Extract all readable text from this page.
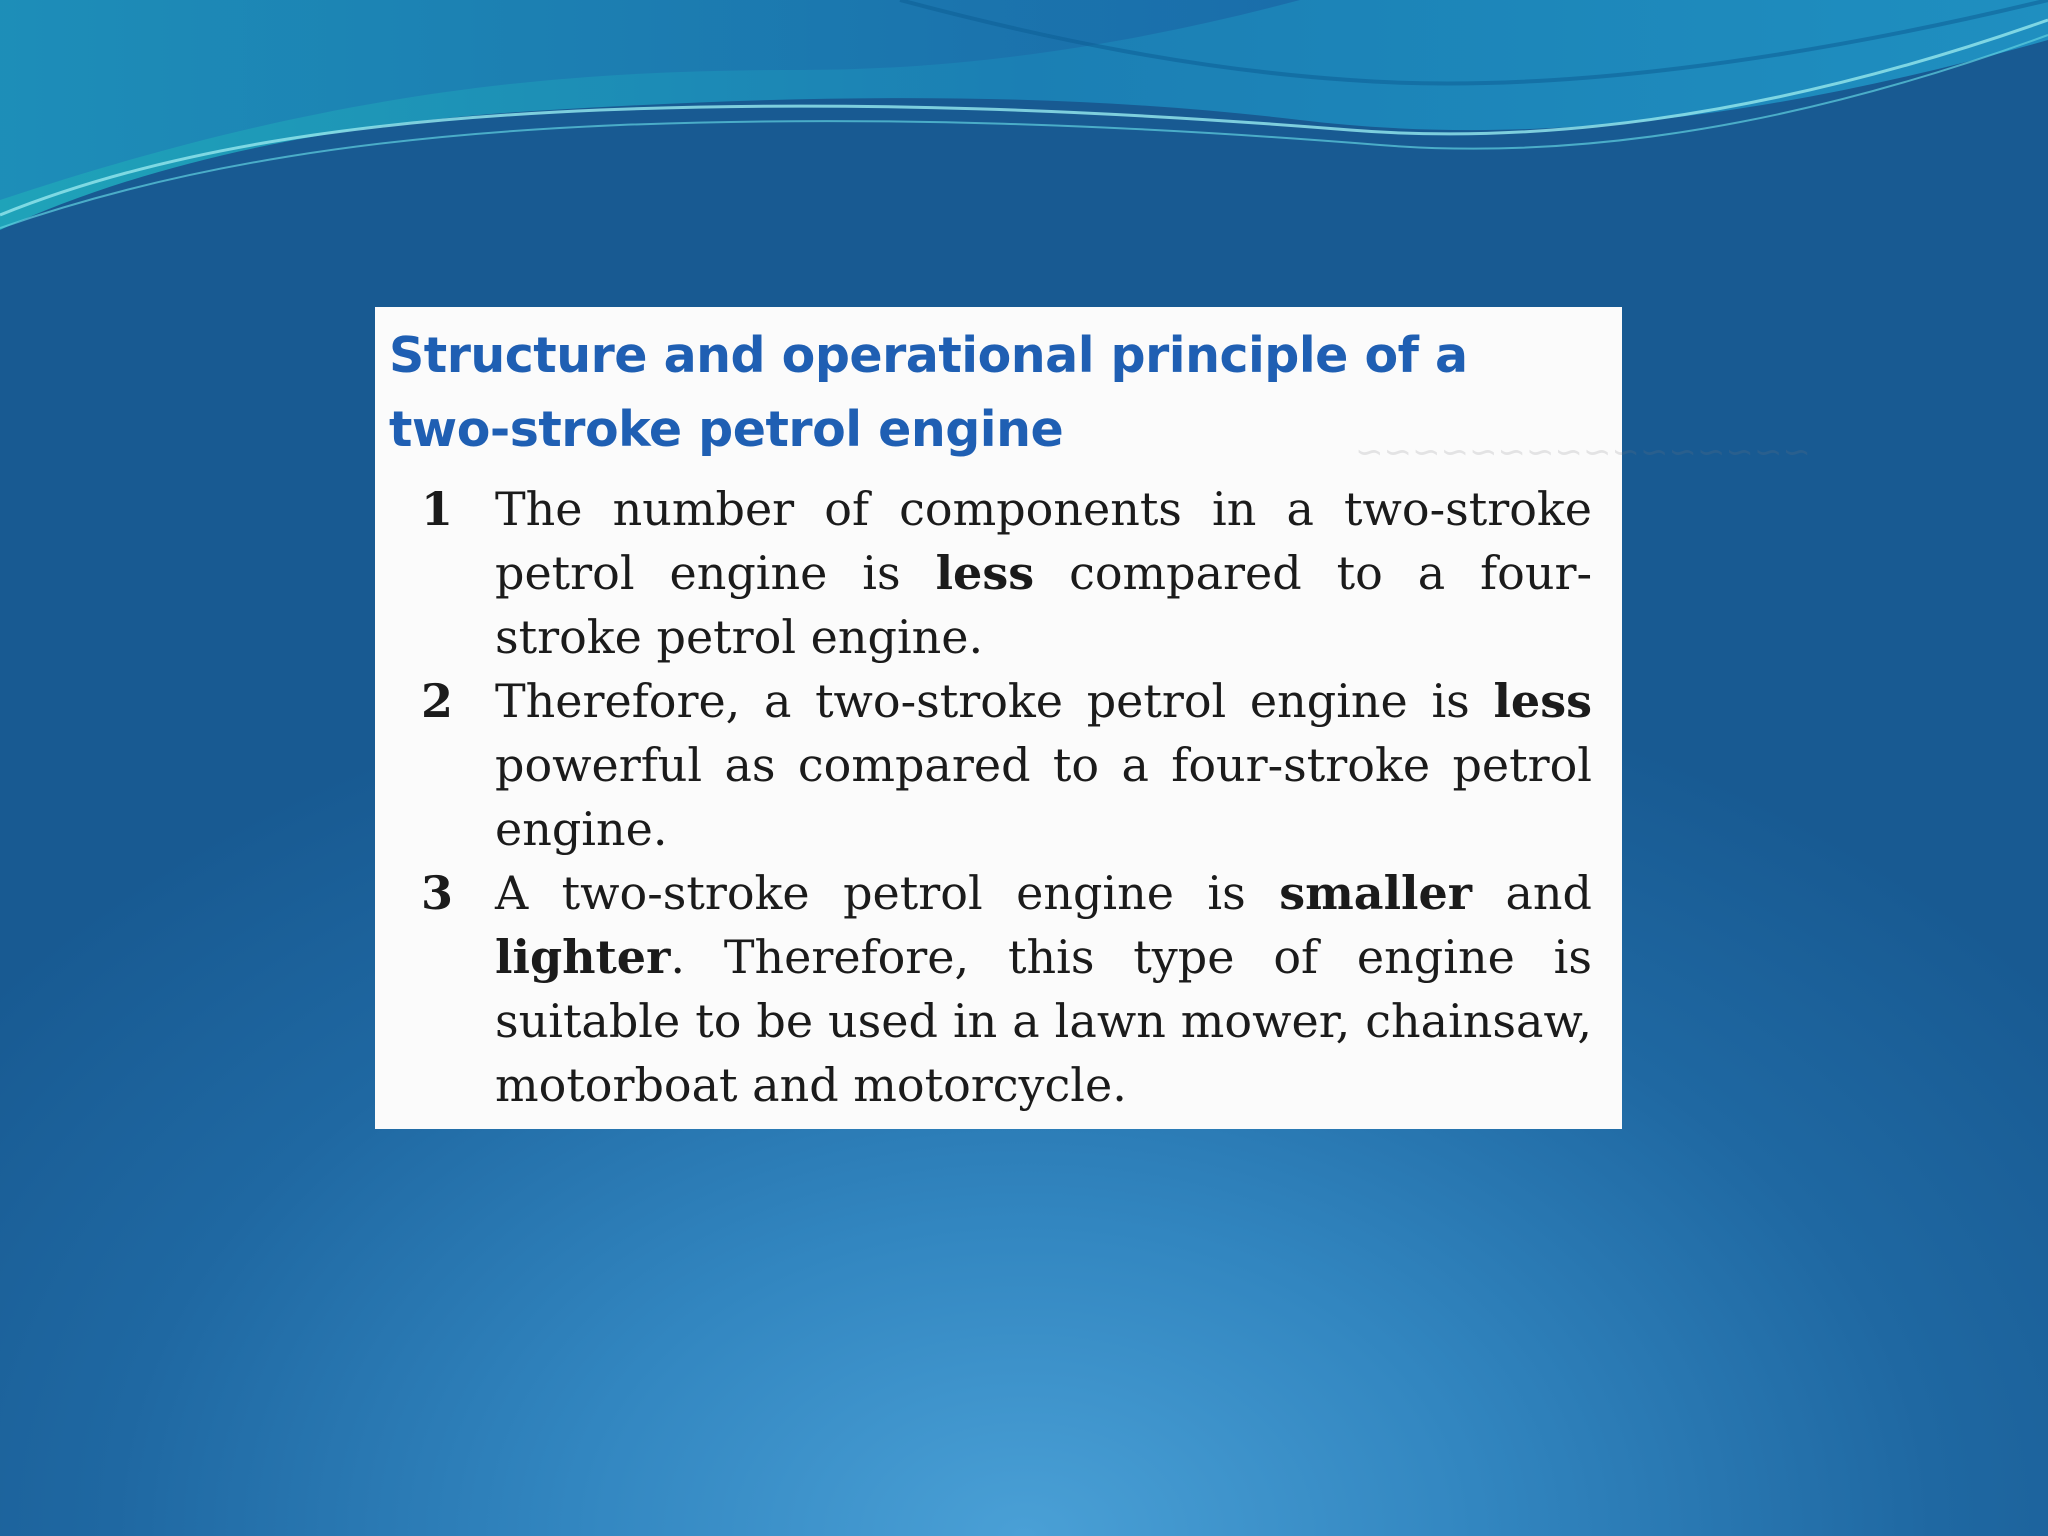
~~~~~~~~~~~~~~~~
Structure and operational principle of a two-stroke petrol engine
1 The number of components in a two-stroke petrol engine is less compared to a four-stroke petrol engine.
2 Therefore, a two-stroke petrol engine is less powerful as compared to a four-stroke petrol engine.
3 A two-stroke petrol engine is smaller and lighter. Therefore, this type of engine is suitable to be used in a lawn mower, chainsaw, motorboat and motorcycle.
